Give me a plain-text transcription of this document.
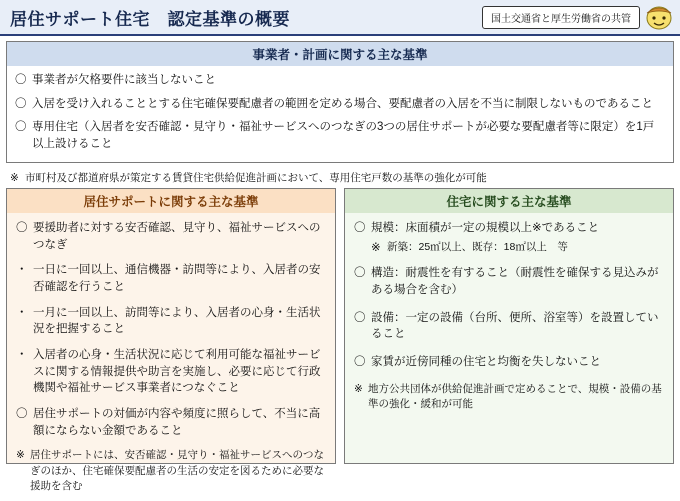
居住サポート住宅　認定基準の概要	国土交通省と厚生労働省の共管
事業者・計画に関する主な基準
〇 事業者が欠格要件に該当しないこと
〇 入居を受け入れることとする住宅確保要配慮者の範囲を定める場合、要配慮者の入居を不当に制限しないものであること
〇 専用住宅（入居者を安否確認・見守り・福祉サービスへのつなぎの3つの居住サポートが必要な要配慮者等に限定）を1戸以上設けること
※ 市町村及び都道府県が策定する賃貸住宅供給促進計画において、専用住宅戸数の基準の強化が可能
居住サポートに関する主な基準
〇 要援助者に対する安否確認、見守り、福祉サービスへのつなぎ
・ 一日に一回以上、通信機器・訪問等により、入居者の安否確認を行うこと
・ 一月に一回以上、訪問等により、入居者の心身・生活状況を把握すること
・ 入居者の心身・生活状況に応じて利用可能な福祉サービスに関する情報提供や助言を実施し、必要に応じて行政機関や福祉サービス事業者につなぐこと
〇 居住サポートの対価が内容や頻度に照らして、不当に高額にならない金額であること
※ 居住サポートには、安否確認・見守り・福祉サービスへのつなぎのほか、住宅確保要配慮者の生活の安定を図るために必要な援助を含む
住宅に関する主な基準
〇 規模：床面積が一定の規模以上※であること
※ 新築：25㎡以上、既存：18㎡以上　等
〇 構造：耐震性を有すること（耐震性を確保する見込みがある場合を含む）
〇 設備：一定の設備（台所、便所、浴室等）を設置していること
〇 家賃が近傍同種の住宅と均衡を失しないこと
※ 地方公共団体が供給促進計画で定めることで、規模・設備の基準の強化・緩和が可能
